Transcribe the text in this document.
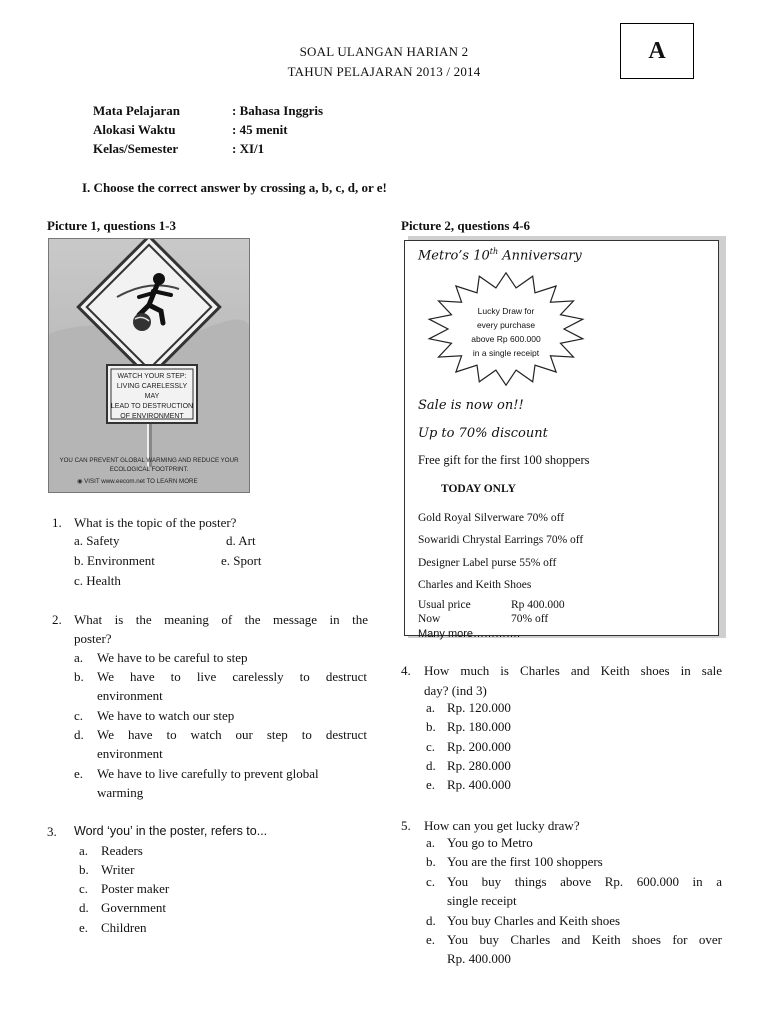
SOAL ULANGAN HARIAN 2
TAHUN PELAJARAN 2013 / 2014
A
Mata Pelajaran	: Bahasa Inggris
Alokasi Waktu	: 45 menit
Kelas/Semester	: XI/1
I. Choose the correct answer by crossing a, b, c, d, or e!
Picture 1, questions 1-3	Picture 2, questions 4-6
WATCH YOUR STEP:
LIVING CARELESSLY MAY
LEAD TO DESTRUCTION
OF ENVIRONMENT
YOU CAN PREVENT GLOBAL WARMING AND REDUCE YOUR
ECOLOGICAL FOOTPRINT.
◉ VISIT www.eecom.net TO LEARN MORE
Metro’s 10th Anniversary
Lucky Draw for
every purchase
above Rp 600.000
in a single receipt
Sale is now on!!
Up to 70% discount
Free gift for the first 100 shoppers
TODAY ONLY
Gold Royal Silverware 70% off
Sowaridi Chrystal Earrings 70% off
Designer Label purse 55% off
Charles and Keith Shoes
Usual price	Rp 400.000
Now	70% off
Many more………….
1. What is the topic of the poster?
a. Safety	d. Art
b. Environment	e. Sport
c. Health
2. What is the meaning of the message in the
poster?
a. We have to be careful to step
b. We have to live carelessly to destruct
environment
c. We have to watch our step
d. We have to watch our step to destruct
environment
e. We have to live carefully to prevent global
warming
3. Word ‘you’ in the poster, refers to...
a. Readers
b. Writer
c. Poster maker
d. Government
e. Children
4. How much is Charles and Keith shoes in sale
day? (ind 3)
a. Rp. 120.000
b. Rp. 180.000
c. Rp. 200.000
d. Rp. 280.000
e. Rp. 400.000
5. How can you get lucky draw?
a. You go to Metro
b. You are the first 100 shoppers
c. You buy things above Rp. 600.000 in a
single receipt
d. You buy Charles and Keith shoes
e. You buy Charles and Keith shoes for over
Rp. 400.000
